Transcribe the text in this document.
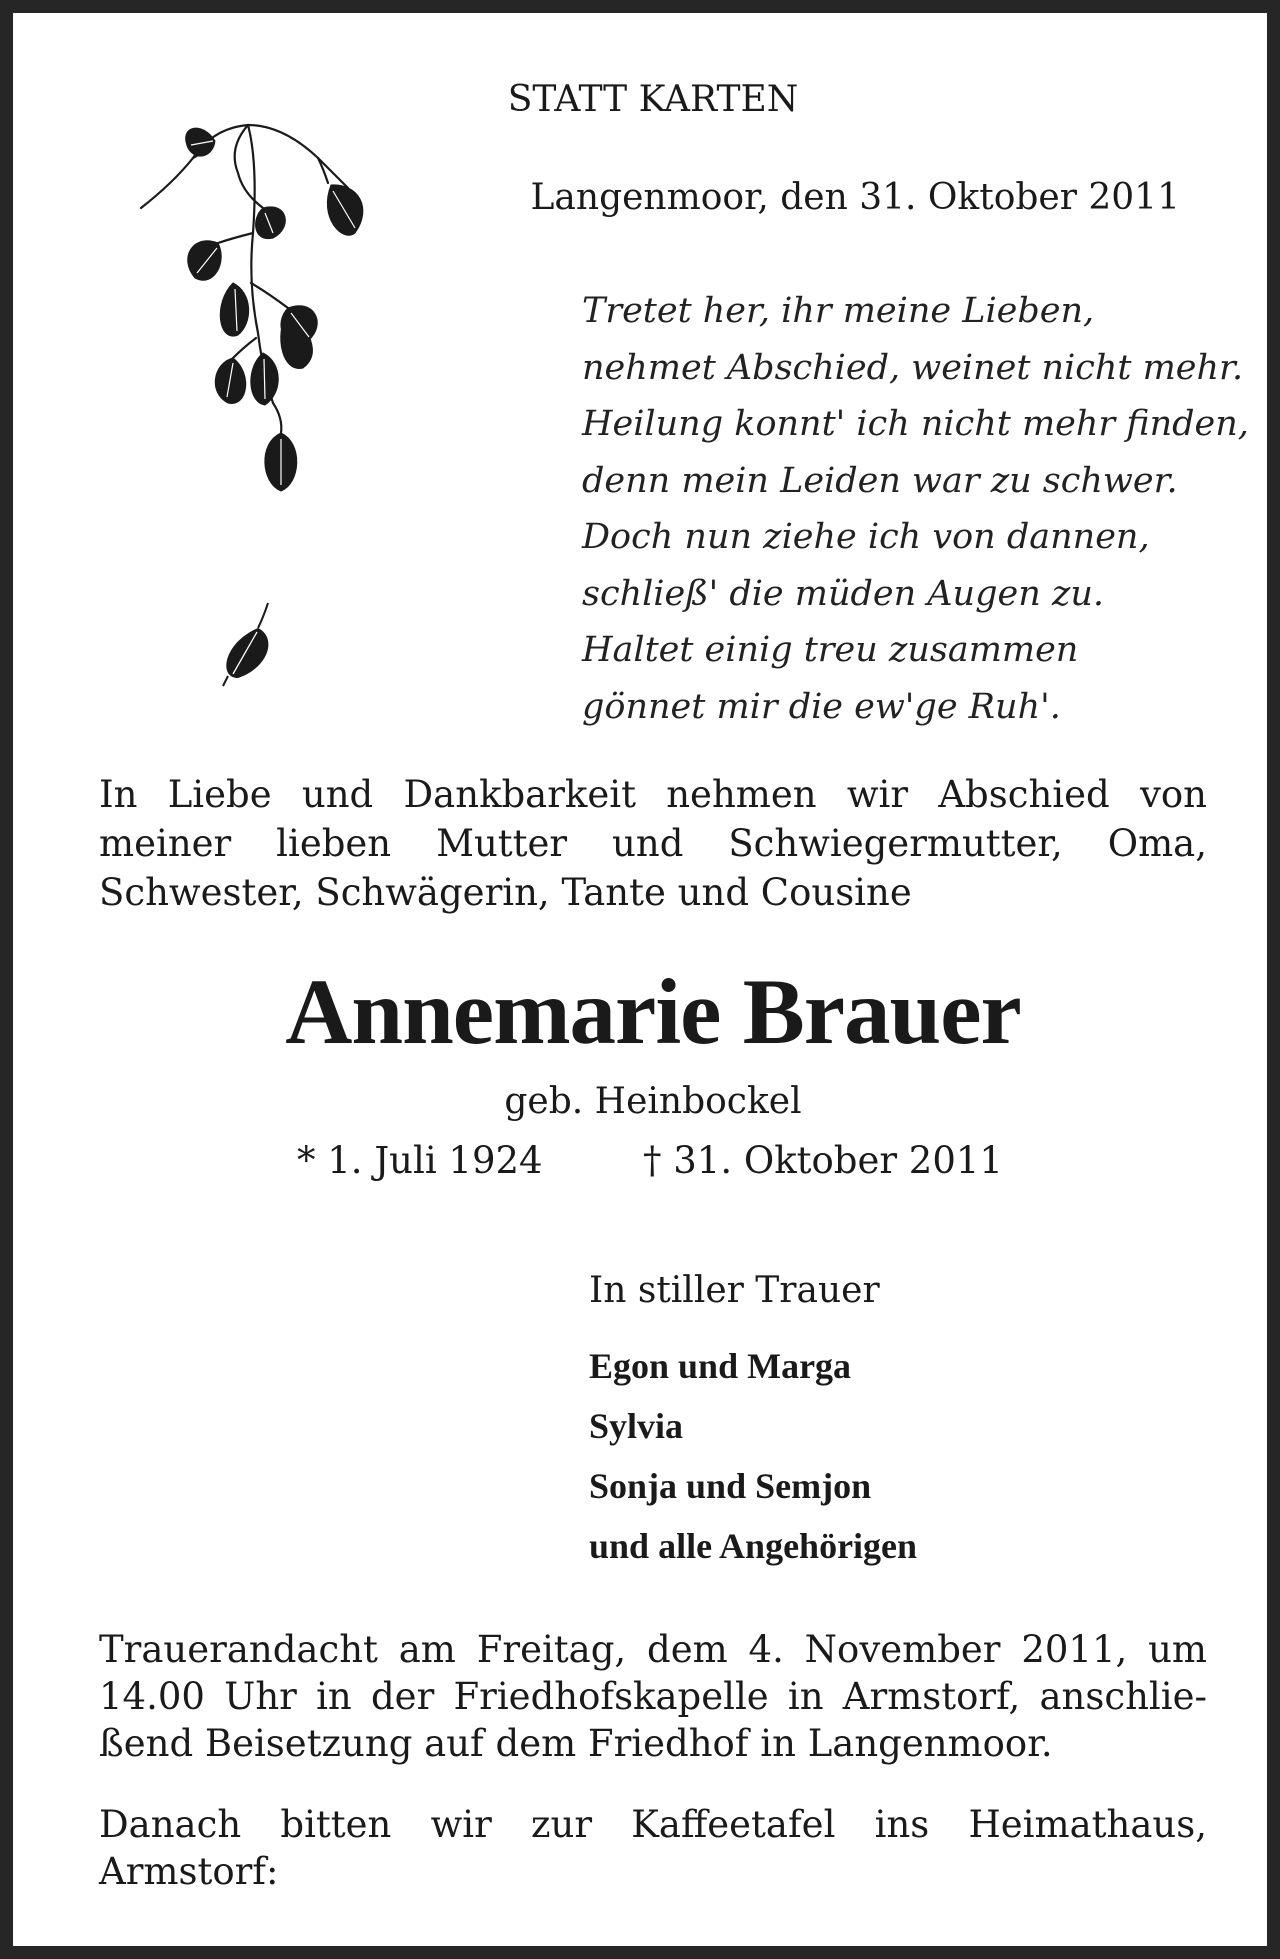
STATT KARTEN

Langenmoor, den 31. Oktober 2011

Tretet her, ihr meine Lieben,
nehmet Abschied, weinet nicht mehr.
Heilung konnt' ich nicht mehr finden,
denn mein Leiden war zu schwer.
Doch nun ziehe ich von dannen,
schließ' die müden Augen zu.
Haltet einig treu zusammen
gönnet mir die ew'ge Ruh'.

In Liebe und Dankbarkeit nehmen wir Abschied von meiner lieben Mutter und Schwiegermutter, Oma, Schwester, Schwägerin, Tante und Cousine

Annemarie Brauer

geb. Heinbockel

* 1. Juli 1924	† 31. Oktober 2011

In stiller Trauer

Egon und Marga
Sylvia
Sonja und Semjon
und alle Angehörigen

Trauerandacht am Freitag, dem 4. November 2011, um 14.00 Uhr in der Friedhofskapelle in Armstorf, anschlie-ßend Beisetzung auf dem Friedhof in Langenmoor.

Danach bitten wir zur Kaffeetafel ins Heimathaus, Armstorf:
